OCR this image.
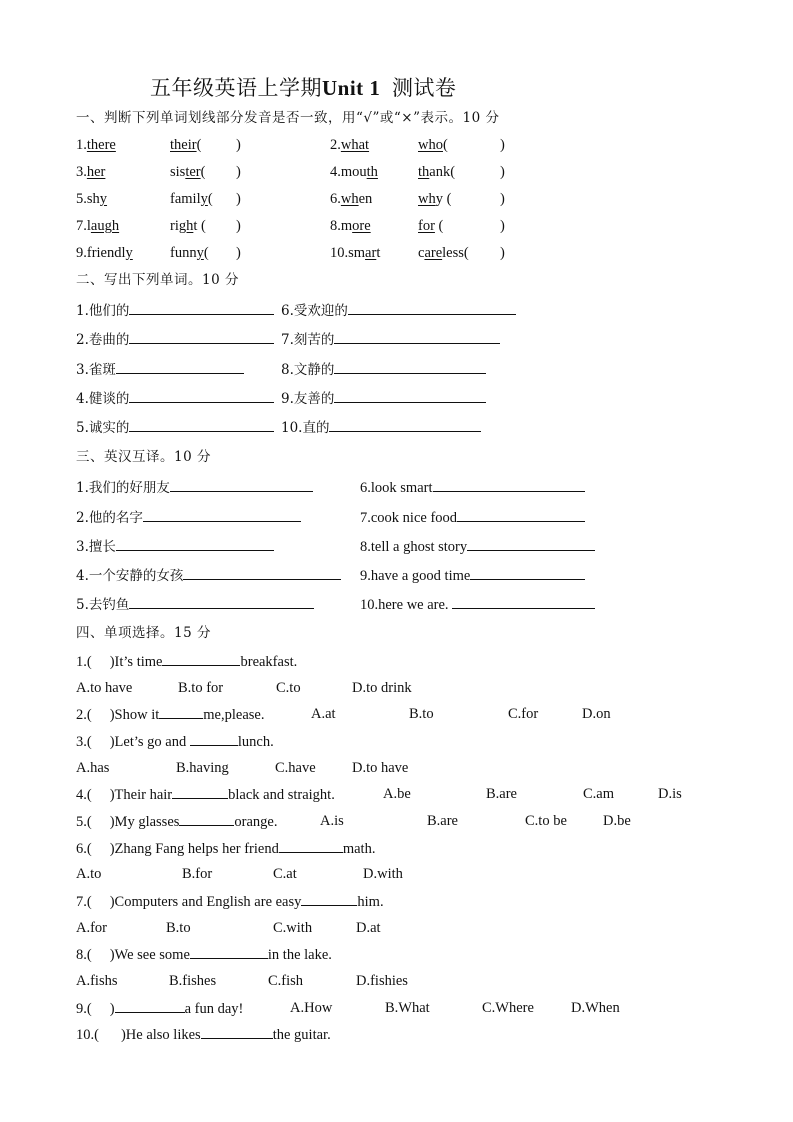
五年级英语上学期Unit 1 测试卷
一、判断下列单词划线部分发音是否一致，用“√”或“×”表示。10 分
1.there	their( )	2.what	who(	)
3.her	sister( )	4.mouth	thank(	)
5.shy	family( )	6.when	why (	)
7.laugh	right ( )	8.more	for (	)
9.friendly	funny( )	10.smart	careless( )
二、写出下列单词。10 分
1.他们的	6.受欢迎的
2.卷曲的	7.刻苦的
3.雀斑	8.文静的
4.健谈的	9.友善的
5.诚实的	10.直的
三、英汉互译。10 分
1.我们的好朋友	6.look smart
2.他的名字	7.cook nice food
3.擅长	8.tell a ghost story
4.一个安静的女孩	9.have a good time
5.去钓鱼	10.here we are.
四、单项选择。15 分
1.( )It’s time	breakfast.
A.to have	B.to for	C.to	D.to drink
2.( )Show it	me,please.	A.at	B.to	C.for	D.on
3.( )Let’s go and	lunch.
A.has	B.having	C.have	D.to have
4.( )Their hair	black and straight.	A.be	B.are	C.am	D.is
5.( )My glasses	orange.	A.is	B.are	C.to be D.be
6.( )Zhang Fang helps her friend	math.
A.to	B.for	C.at	D.with
7.( )Computers and English are easy	him.
A.for	B.to	C.with	D.at
8.( )We see some	in the lake.
A.fishs	B.fishes	C.fish	D.fishies
9.( )	a fun day!	A.How	B.What	C.Where	D.When
10.( )He also likes	the guitar.
